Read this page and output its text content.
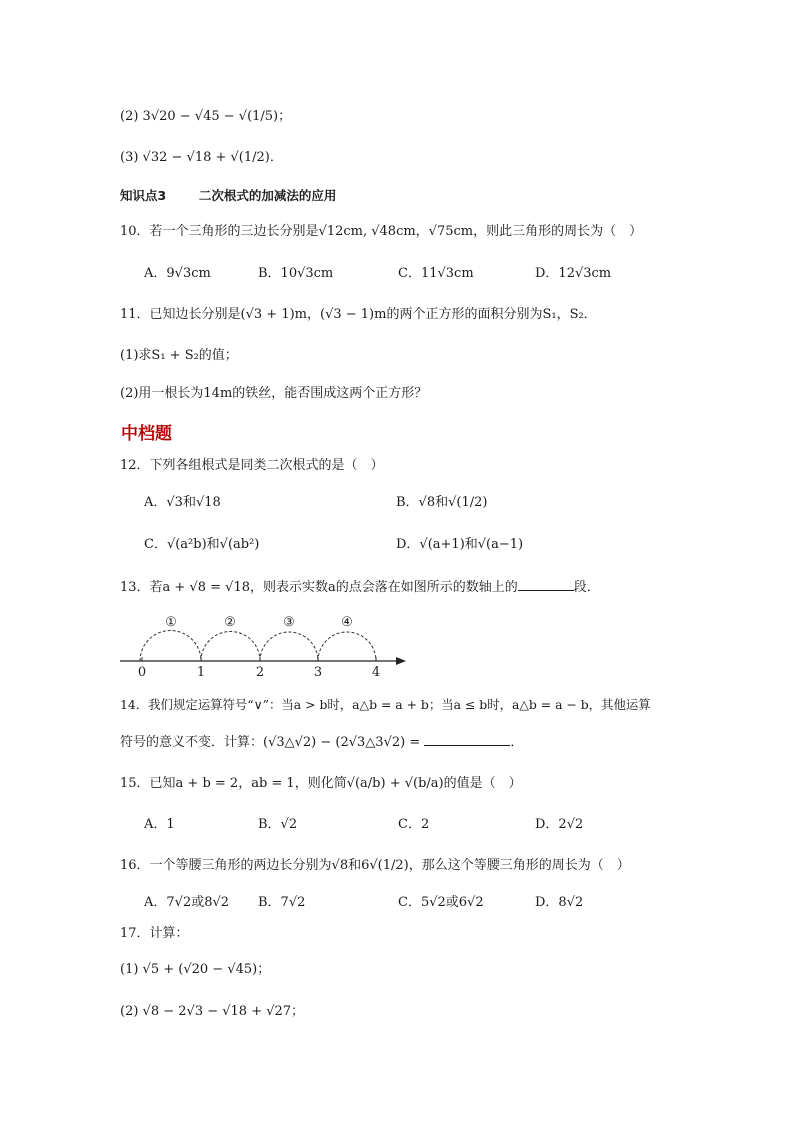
(2) 3√20 − √45 − √(1/5)；
(3) √32 − √18 + √(1/2)．
知识点3	二次根式的加减法的应用
10．若一个三角形的三边长分别是√12cm, √48cm，√75cm，则此三角形的周长为（　）
A．9√3cm	B．10√3cm	C．11√3cm	D．12√3cm
11．已知边长分别是(√3 + 1)m，(√3 − 1)m的两个正方形的面积分别为S₁，S₂．
(1)求S₁ + S₂的值；
(2)用一根长为14m的铁丝，能否围成这两个正方形？
中档题
12．下列各组根式是同类二次根式的是（　）
A．√3和√18	B．√8和√(1/2)
C．√(a²b)和√(ab²)	D．√(a+1)和√(a−1)
13．若a + √8 = √18，则表示实数a的点会落在如图所示的数轴上的	段．
①	②	③	④
0	1	2	3	4
14．我们规定运算符号“∨”：当a > b时，a△b = a + b；当a ≤ b时，a△b = a − b，其他运算
符号的意义不变．计算：(√3△√2) − (2√3△3√2) =	．
15．已知a + b = 2，ab = 1，则化简√(a/b) + √(b/a)的值是（　）
A．1	B．√2	C．2	D．2√2
16．一个等腰三角形的两边长分别为√8和6√(1/2)，那么这个等腰三角形的周长为（　）
A．7√2或8√2 B．7√2	C．5√2或6√2	D．8√2
17．计算：
(1) √5 + (√20 − √45)；
(2) √8 − 2√3 − √18 + √27；
